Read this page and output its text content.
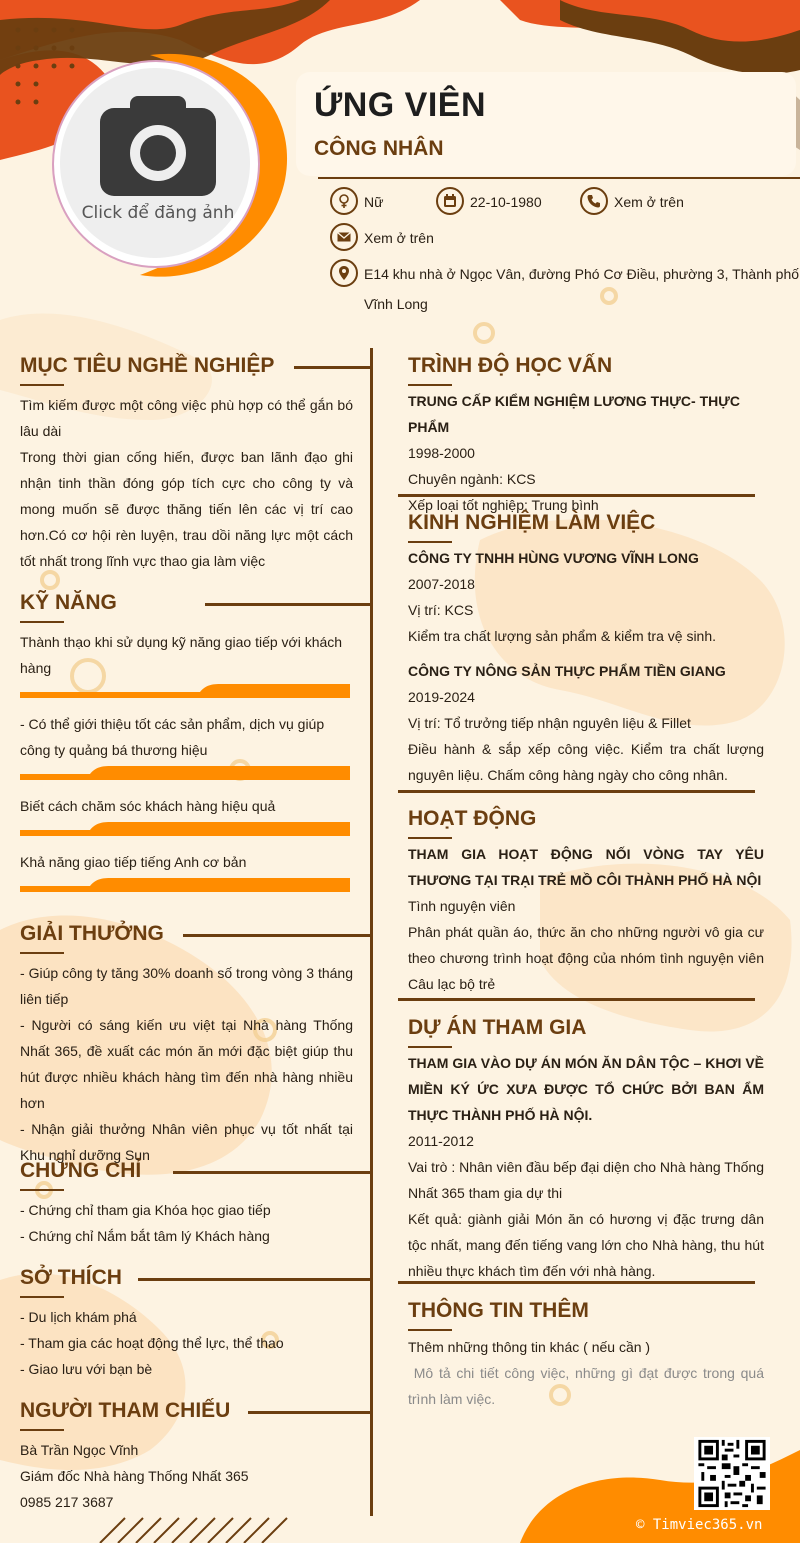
Click để đăng ảnh
ỨNG VIÊN
CÔNG NHÂN
Nữ	22-10-1980	Xem ở trên
Xem ở trên
E14 khu nhà ở Ngọc Vân, đường Phó Cơ Điều, phường 3, Thành phố
Vĩnh Long
MỤC TIÊU NGHỀ NGHIỆP
Tìm kiếm được một công việc phù hợp có thể gắn bó lâu dài
Trong thời gian cống hiến, được ban lãnh đạo ghi nhận tinh thần đóng góp tích cực cho công ty và mong muốn sẽ được thăng tiến lên các vị trí cao hơn.Có cơ hội rèn luyện, trau dồi năng lực một cách tốt nhất trong lĩnh vực thao gia làm việc
KỸ NĂNG
Thành thạo khi sử dụng kỹ năng giao tiếp với khách hàng
- Có thể giới thiệu tốt các sản phẩm, dịch vụ giúp công ty quảng bá thương hiệu
Biết cách chăm sóc khách hàng hiệu quả
Khả năng giao tiếp tiếng Anh cơ bản
GIẢI THƯỞNG
- Giúp công ty tăng 30% doanh số trong vòng 3 tháng liên tiếp
- Người có sáng kiến ưu việt tại Nhà hàng Thống Nhất 365, đề xuất các món ăn mới đặc biệt giúp thu hút được nhiều khách hàng tìm đến nhà hàng nhiều hơn
- Nhận giải thưởng Nhân viên phục vụ tốt nhất tại Khu nghỉ dưỡng Sun
CHỨNG CHỈ
- Chứng chỉ tham gia Khóa học giao tiếp
- Chứng chỉ Nắm bắt tâm lý Khách hàng
SỞ THÍCH
- Du lịch khám phá
- Tham gia các hoạt động thể lực, thể thao
- Giao lưu với bạn bè
NGƯỜI THAM CHIẾU
Bà Trần Ngọc Vĩnh
Giám đốc Nhà hàng Thống Nhất 365
0985 217 3687
TRÌNH ĐỘ HỌC VẤN
TRUNG CẤP KIỂM NGHIỆM LƯƠNG THỰC- THỰC PHẨM
1998-2000
Chuyên ngành: KCS
Xếp loại tốt nghiệp: Trung bình
KINH NGHIỆM LÀM VIỆC
CÔNG TY TNHH HÙNG VƯƠNG VĨNH LONG
2007-2018
Vị trí: KCS
Kiểm tra chất lượng sản phẩm & kiểm tra vệ sinh.
CÔNG TY NÔNG SẢN THỰC PHẨM TIỀN GIANG
2019-2024
Vị trí: Tổ trưởng tiếp nhận nguyên liệu & Fillet
Điều hành & sắp xếp công việc. Kiểm tra chất lượng nguyên liệu. Chấm công hàng ngày cho công nhân.
HOẠT ĐỘNG
THAM GIA HOẠT ĐỘNG NỐI VÒNG TAY YÊU THƯƠNG TẠI TRẠI TRẺ MỒ CÔI THÀNH PHỐ HÀ NỘI
Tình nguyện viên
Phân phát quần áo, thức ăn cho những người vô gia cư theo chương trình hoạt động của nhóm tình nguyện viên Câu lạc bộ trẻ
DỰ ÁN THAM GIA
THAM GIA VÀO DỰ ÁN MÓN ĂN DÂN TỘC – KHƠI VỀ MIỀN KÝ ỨC XƯA ĐƯỢC TỔ CHỨC BỞI BAN ẨM THỰC THÀNH PHỐ HÀ NỘI.
2011-2012
Vai trò : Nhân viên đầu bếp đại diện cho Nhà hàng Thống Nhất 365 tham gia dự thi
Kết quả: giành giải Món ăn có hương vị đặc trưng dân tộc nhất, mang đến tiếng vang lớn cho Nhà hàng, thu hút nhiều thực khách tìm đến với nhà hàng.
THÔNG TIN THÊM
Thêm những thông tin khác ( nếu cần )
Mô tả chi tiết công việc, những gì đạt được trong quá trình làm việc.
© Timviec365.vn
